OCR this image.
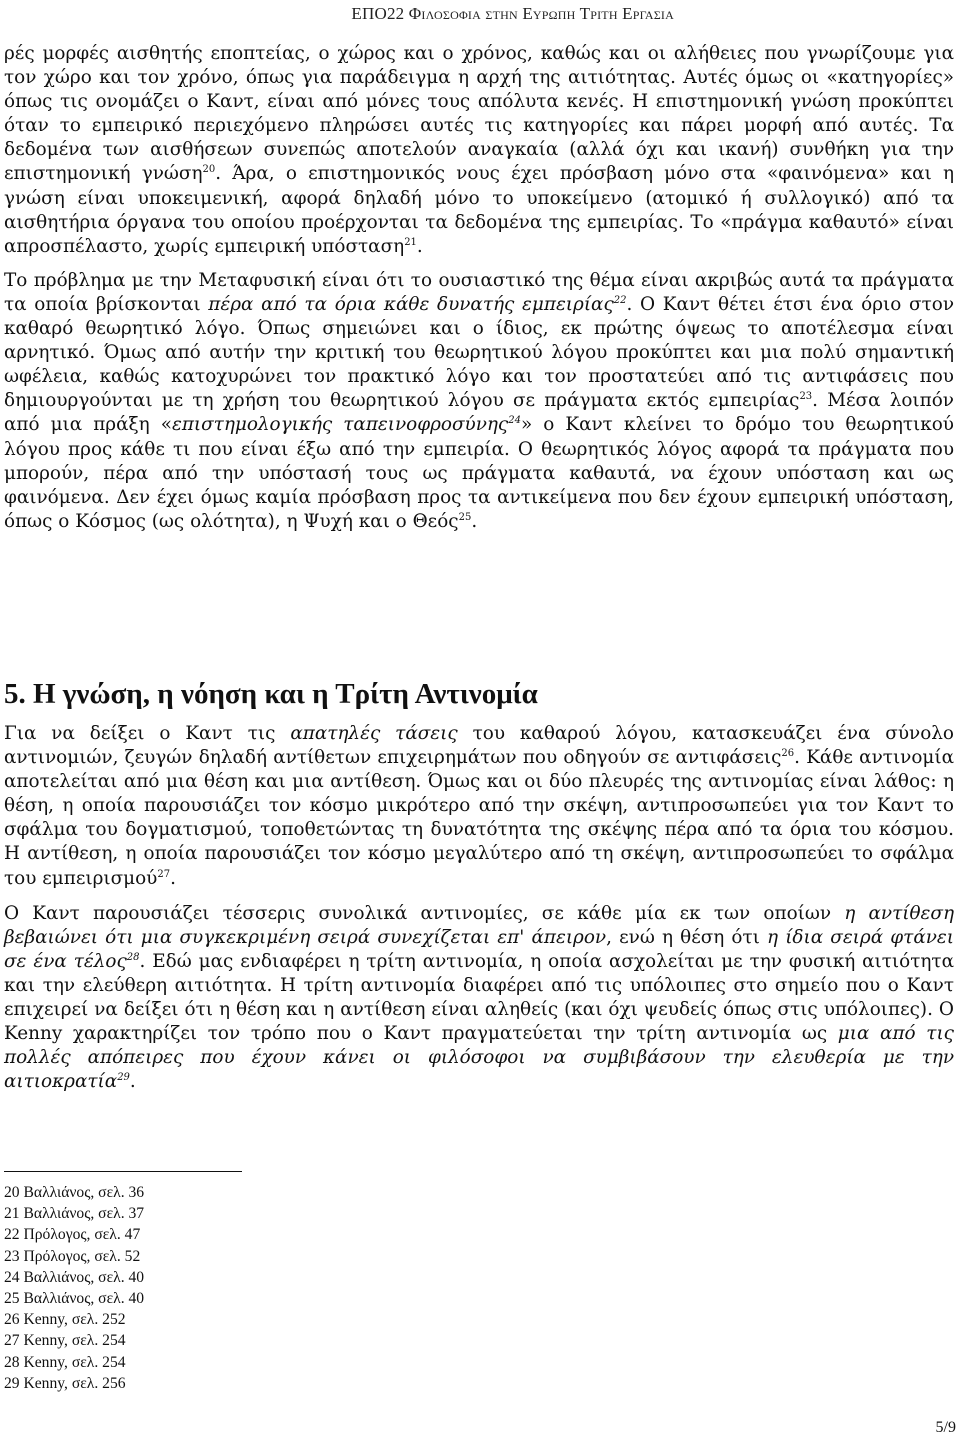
ΕΠΟ22 Φιλοσοφια στην Ευρωπη Τριτη Εργασια

ρές μορφές αισθητής εποπτείας, ο χώρος και ο χρόνος, καθώς και οι αλήθειες που γνωρίζουμε για τον χώρο και τον χρόνο, όπως για παράδειγμα η αρχή της αιτιότητας. Αυτές όμως οι «κατηγορίες» όπως τις ονομάζει ο Καντ, είναι από μόνες τους απόλυτα κενές. Η επιστημονική γνώση προκύπτει όταν το εμπειρικό περιεχόμενο πληρώσει αυτές τις κατηγορίες και πάρει μορφή από αυτές. Τα δεδομένα των αισθήσεων συνεπώς αποτελούν αναγκαία (αλλά όχι και ικανή) συνθήκη για την επιστημονική γνώση$^{20}$. Άρα, ο επιστημονικός νους έχει πρόσβαση μόνο στα «φαινόμενα» και η γνώση είναι υποκειμενική, αφορά δηλαδή μόνο το υποκείμενο (ατομικό ή συλλογικό) από τα αισθητήρια όργανα του οποίου προέρχονται τα δεδομένα της εμπειρίας. Το «πράγμα καθαυτό» είναι απροσπέλαστο, χωρίς εμπειρική υπόσταση$^{21}$.

Το πρόβλημα με την Μεταφυσική είναι ότι το ουσιαστικό της θέμα είναι ακριβώς αυτά τα πράγματα τα οποία βρίσκονται πέρα από τα όρια κάθε δυνατής εμπειρίας$^{22}$. Ο Καντ θέτει έτσι ένα όριο στον καθαρό θεωρητικό λόγο. Όπως σημειώνει και ο ίδιος, εκ πρώτης όψεως το αποτέλεσμα είναι αρνητικό. Όμως από αυτήν την κριτική του θεωρητικού λόγου προκύπτει και μια πολύ σημαντική ωφέλεια, καθώς κατοχυρώνει τον πρακτικό λόγο και τον προστατεύει από τις αντιφάσεις που δημιουργούνται με τη χρήση του θεωρητικού λόγου σε πράγματα εκτός εμπειρίας$^{23}$. Μέσα λοιπόν από μια πράξη «επιστημολογικής ταπεινοφροσύνης$^{24}$» ο Καντ κλείνει το δρόμο του θεωρητικού λόγου προς κάθε τι που είναι έξω από την εμπειρία. Ο θεωρητικός λόγος αφορά τα πράγματα που μπορούν, πέρα από την υπόστασή τους ως πράγματα καθαυτά, να έχουν υπόσταση και ως φαινόμενα. Δεν έχει όμως καμία πρόσβαση προς τα αντικείμενα που δεν έχουν εμπειρική υπόσταση, όπως ο Κόσμος (ως ολότητα), η Ψυχή και ο Θεός$^{25}$.

5. Η γνώση, η νόηση και η Τρίτη Αντινομία

Για να δείξει ο Καντ τις απατηλές τάσεις του καθαρού λόγου, κατασκευάζει ένα σύνολο αντινομιών, ζευγών δηλαδή αντίθετων επιχειρημάτων που οδηγούν σε αντιφάσεις$^{26}$. Κάθε αντινομία αποτελείται από μια θέση και μια αντίθεση. Όμως και οι δύο πλευρές της αντινομίας είναι λάθος: η θέση, η οποία παρουσιάζει τον κόσμο μικρότερο από την σκέψη, αντιπροσωπεύει για τον Καντ το σφάλμα του δογματισμού, τοποθετώντας τη δυνατότητα της σκέψης πέρα από τα όρια του κόσμου. Η αντίθεση, η οποία παρουσιάζει τον κόσμο μεγαλύτερο από τη σκέψη, αντιπροσωπεύει το σφάλμα του εμπειρισμού$^{27}$.

Ο Καντ παρουσιάζει τέσσερις συνολικά αντινομίες, σε κάθε μία εκ των οποίων η αντίθεση βεβαιώνει ότι μια συγκεκριμένη σειρά συνεχίζεται επ' άπειρον, ενώ η θέση ότι η ίδια σειρά φτάνει σε ένα τέλος$^{28}$. Εδώ μας ενδιαφέρει η τρίτη αντινομία, η οποία ασχολείται με την φυσική αιτιότητα και την ελεύθερη αιτιότητα. Η τρίτη αντινομία διαφέρει από τις υπόλοιπες στο σημείο που ο Καντ επιχειρεί να δείξει ότι η θέση και η αντίθεση είναι αληθείς (και όχι ψευδείς όπως στις υπόλοιπες). Ο Kenny χαρακτηρίζει τον τρόπο που ο Καντ πραγματεύεται την τρίτη αντινομία ως μια από τις πολλές απόπειρες που έχουν κάνει οι φιλόσοφοι να συμβιβάσουν την ελευθερία με την αιτιοκρατία$^{29}$.

20 Βαλλιάνος, σελ. 36
21 Βαλλιάνος, σελ. 37
22 Πρόλογος, σελ. 47
23 Πρόλογος, σελ. 52
24 Βαλλιάνος, σελ. 40
25 Βαλλιάνος, σελ. 40
26 Kenny, σελ. 252
27 Kenny, σελ. 254
28 Kenny, σελ. 254
29 Kenny, σελ. 256
5/9
